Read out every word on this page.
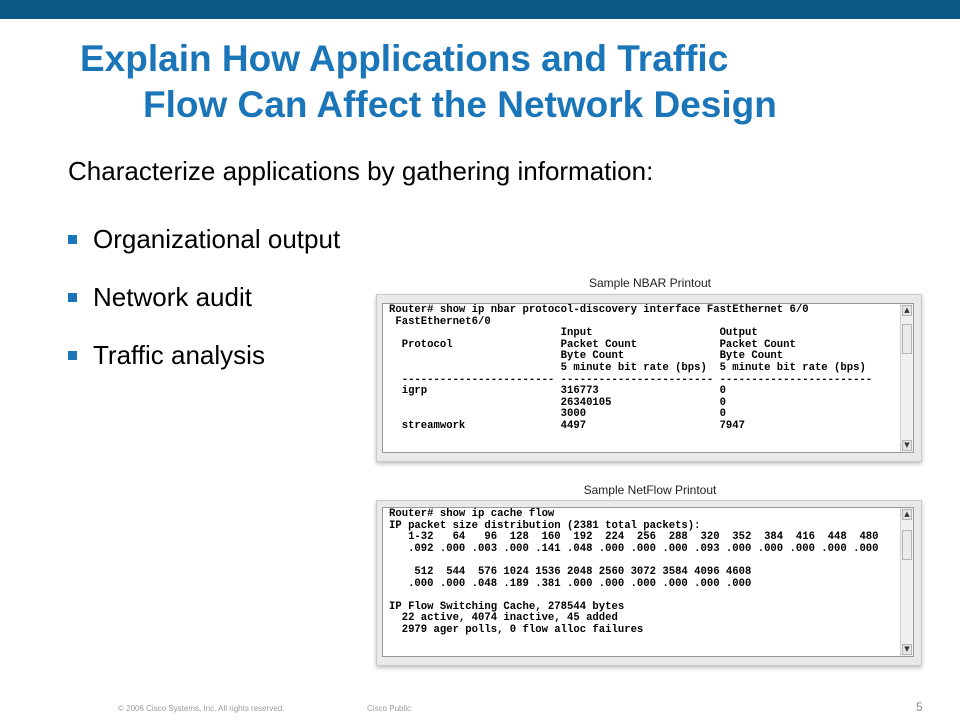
Explain How Applications and Traffic
Flow Can Affect the Network Design
Characterize applications by gathering information:
Organizational output
Network audit
Traffic analysis
Sample NBAR Printout
Router# show ip nbar protocol-discovery interface FastEthernet 6/0
FastEthernet6/0
Input                    Output
Protocol                 Packet Count             Packet Count
Byte Count               Byte Count
5 minute bit rate (bps)  5 minute bit rate (bps)
------------------------ ------------------------ ------------------------
igrp                     316773                   0
26340105                 0
3000                     0
streamwork               4497                     7947
▲
▼
Sample NetFlow Printout
Router# show ip cache flow
IP packet size distribution (2381 total packets):
1-32   64   96  128  160  192  224  256  288  320  352  384  416  448  480
.092 .000 .003 .000 .141 .048 .000 .000 .000 .093 .000 .000 .000 .000 .000

512  544  576 1024 1536 2048 2560 3072 3584 4096 4608
.000 .000 .048 .189 .381 .000 .000 .000 .000 .000 .000

IP Flow Switching Cache, 278544 bytes
22 active, 4074 inactive, 45 added
2979 ager polls, 0 flow alloc failures
▲
▼
© 2006 Cisco Systems, Inc. All rights reserved.	Cisco Public	5
